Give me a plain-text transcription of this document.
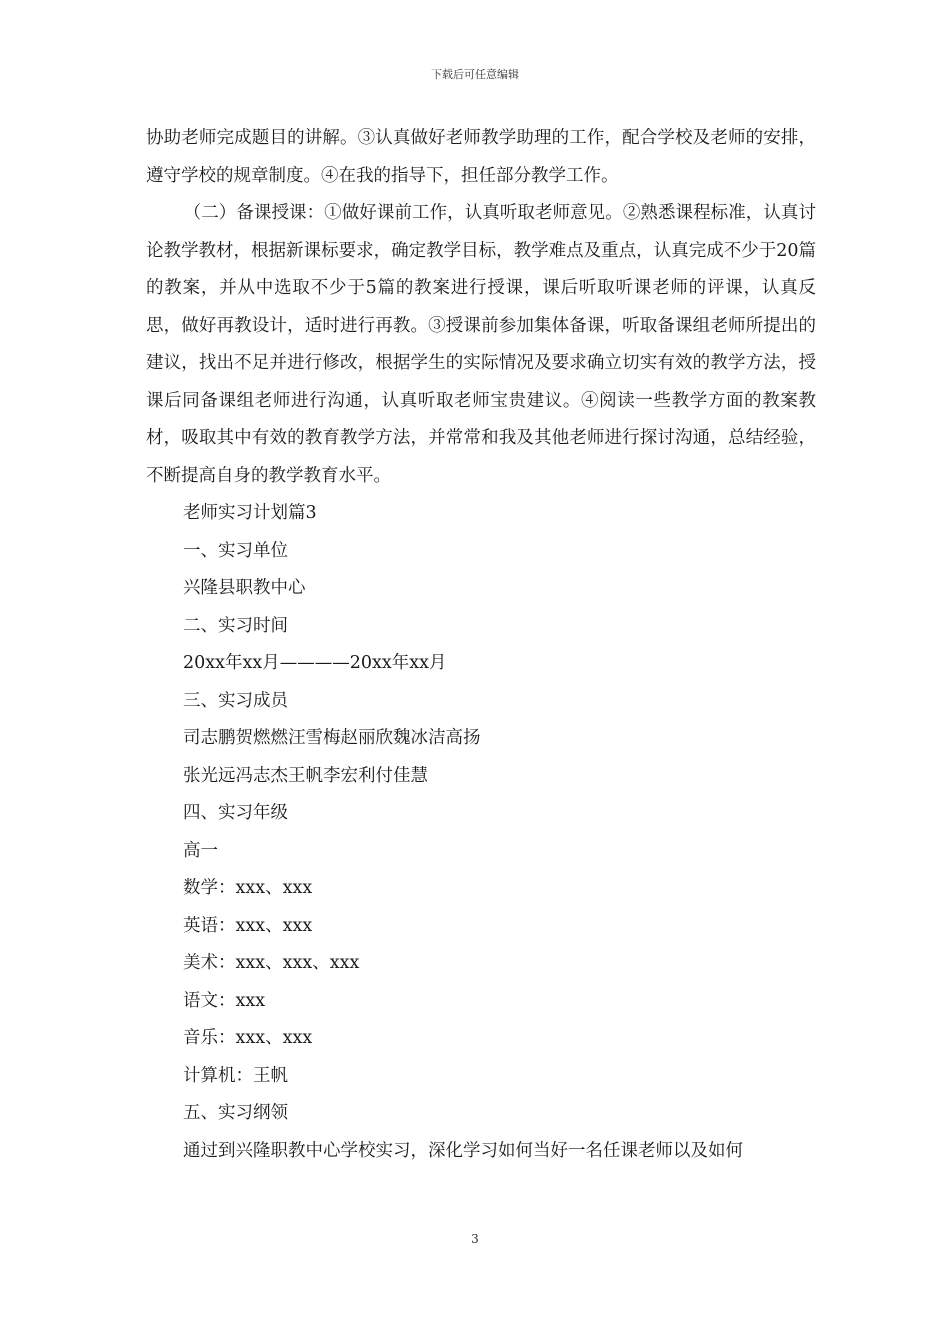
下载后可任意编辑

协助老师完成题目的讲解。③认真做好老师教学助理的工作，配合学校及老师的安排，遵守学校的规章制度。④在我的指导下，担任部分教学工作。

（二）备课授课：①做好课前工作，认真听取老师意见。②熟悉课程标准，认真讨论教学教材，根据新课标要求，确定教学目标，教学难点及重点，认真完成不少于20篇的教案，并从中选取不少于5篇的教案进行授课，课后听取听课老师的评课，认真反思，做好再教设计，适时进行再教。③授课前参加集体备课，听取备课组老师所提出的建议，找出不足并进行修改，根据学生的实际情况及要求确立切实有效的教学方法，授课后同备课组老师进行沟通，认真听取老师宝贵建议。④阅读一些教学方面的教案教材，吸取其中有效的教育教学方法，并常常和我及其他老师进行探讨沟通，总结经验，不断提高自身的教学教育水平。

老师实习计划篇3

一、实习单位

兴隆县职教中心

二、实习时间

20xx年xx月————20xx年xx月

三、实习成员

司志鹏贺燃燃汪雪梅赵丽欣魏冰洁高扬

张光远冯志杰王帆李宏利付佳慧

四、实习年级

高一

数学：xxx、xxx

英语：xxx、xxx

美术：xxx、xxx、xxx

语文：xxx

音乐：xxx、xxx

计算机：王帆

五、实习纲领

通过到兴隆职教中心学校实习，深化学习如何当好一名任课老师以及如何

3
